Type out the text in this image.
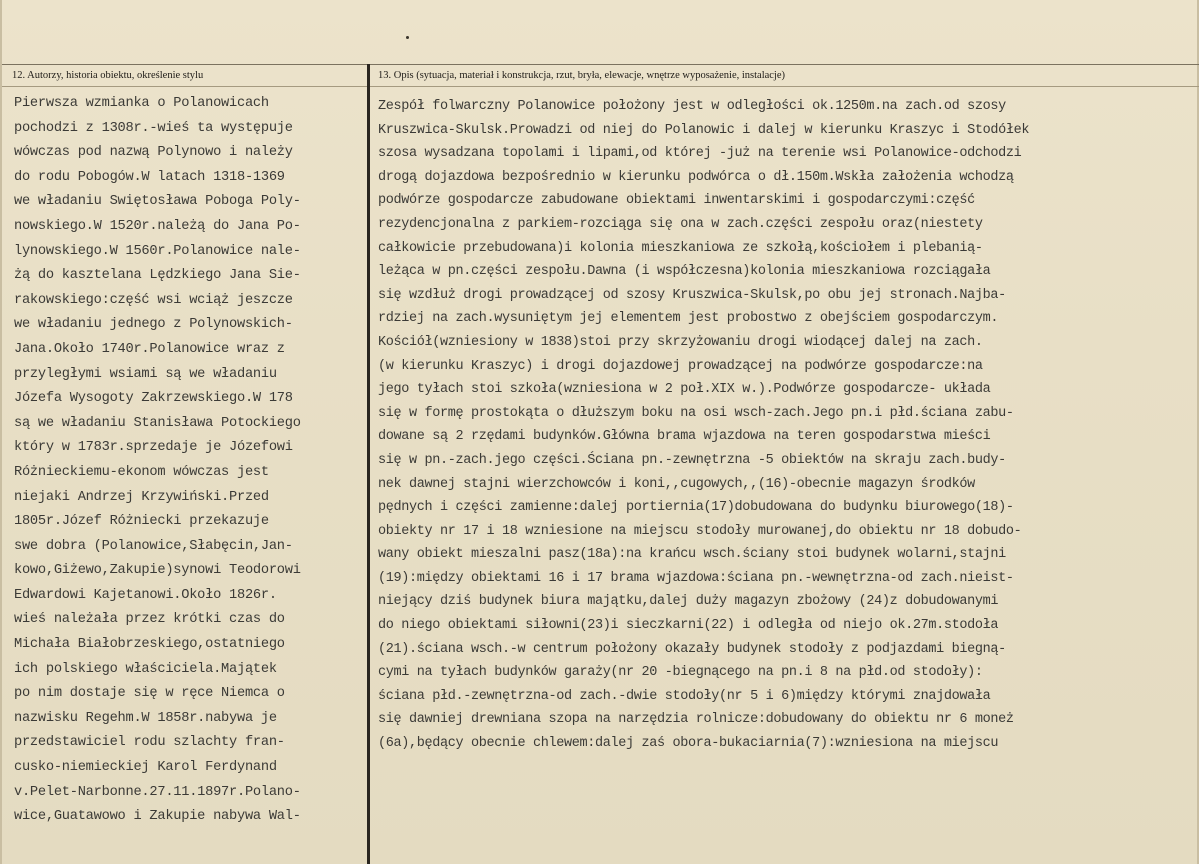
12. Autorzy, historia obiektu, określenie stylu	13. Opis (sytuacja, materiał i konstrukcja, rzut, bryła, elewacje, wnętrze wyposażenie, instalacje)
Pierwsza wzmianka o Polanowicach
pochodzi z 1308r.-wieś ta występuje
wówczas pod nazwą Polynowo i należy
do rodu Pobogów.W latach 1318-1369
we władaniu Swiętosława Poboga Poly-
nowskiego.W 1520r.należą do Jana Po-
lynowskiego.W 1560r.Polanowice nale-
żą do kasztelana Lędzkiego Jana Sie-
rakowskiego:część wsi wciąż jeszcze
we władaniu jednego z Polynowskich-
Jana.Około 1740r.Polanowice wraz z
przyległymi wsiami są we władaniu
Józefa Wysogoty Zakrzewskiego.W 178
są we władaniu Stanisława Potockiego
który w 1783r.sprzedaje je Józefowi
Różnieckiemu-ekonom wówczas jest
niejaki Andrzej Krzywiński.Przed
1805r.Józef Różniecki przekazuje
swe dobra (Polanowice,Słabęcin,Jan-
kowo,Giżewo,Zakupie)synowi Teodorowi
Edwardowi Kajetanowi.Około 1826r.
wieś należała przez krótki czas do
Michała Białobrzeskiego,ostatniego
ich polskiego właściciela.Majątek
po nim dostaje się w ręce Niemca o
nazwisku Regehm.W 1858r.nabywa je
przedstawiciel rodu szlachty fran-
cusko-niemieckiej Karol Ferdynand
v.Pelet-Narbonne.27.11.1897r.Polano-
wice,Guatawowo i Zakupie nabywa Wal-
Zespół folwarczny Polanowice położony jest w odległości ok.1250m.na zach.od szosy
Kruszwica-Skulsk.Prowadzi od niej do Polanowic i dalej w kierunku Kraszyc i Stodółek
szosa wysadzana topolami i lipami,od której -już na terenie wsi Polanowice-odchodzi
drogą dojazdowa bezpośrednio w kierunku podwórca o dł.150m.Wskła założenia wchodzą
podwórze gospodarcze zabudowane obiektami inwentarskimi i gospodarczymi:część
rezydencjonalna z parkiem-rozciąga się ona w zach.części zespołu oraz(niestety
całkowicie przebudowana)i kolonia mieszkaniowa ze szkołą,kościołem i plebanią-
leżąca w pn.części zespołu.Dawna (i współczesna)kolonia mieszkaniowa rozciągała
się wzdłuż drogi prowadzącej od szosy Kruszwica-Skulsk,po obu jej stronach.Najba-
rdziej na zach.wysuniętym jej elementem jest probostwo z obejściem gospodarczym.
Kościół(wzniesiony w 1838)stoi przy skrzyżowaniu drogi wiodącej dalej na zach.
(w kierunku Kraszyc) i drogi dojazdowej prowadzącej na podwórze gospodarcze:na
jego tyłach stoi szkoła(wzniesiona w 2 poł.XIX w.).Podwórze gospodarcze- układa
się w formę prostokąta o dłuższym boku na osi wsch-zach.Jego pn.i płd.ściana zabu-
dowane są 2 rzędami budynków.Główna brama wjazdowa na teren gospodarstwa mieści
się w pn.-zach.jego części.Ściana pn.-zewnętrzna -5 obiektów na skraju zach.budy-
nek dawnej stajni wierzchowców i koni,,cugowych,,(16)-obecnie magazyn środków
pędnych i części zamienne:dalej portiernia(17)dobudowana do budynku biurowego(18)-
obiekty nr 17 i 18 wzniesione na miejscu stodoły murowanej,do obiektu nr 18 dobudo-
wany obiekt mieszalni pasz(18a):na krańcu wsch.ściany stoi budynek wolarni,stajni
(19):między obiektami 16 i 17 brama wjazdowa:ściana pn.-wewnętrzna-od zach.nieist-
niejący dziś budynek biura majątku,dalej duży magazyn zbożowy (24)z dobudowanymi
do niego obiektami siłowni(23)i sieczkarni(22) i odległa od niejo ok.27m.stodoła
(21).ściana wsch.-w centrum położony okazały budynek stodoły z podjazdami biegną-
cymi na tyłach budynków garaży(nr 20 -biegnącego na pn.i 8 na płd.od stodoły):
ściana płd.-zewnętrzna-od zach.-dwie stodoły(nr 5 i 6)między którymi znajdowała
się dawniej drewniana szopa na narzędzia rolnicze:dobudowany do obiektu nr 6 moneż
(6a),będący obecnie chlewem:dalej zaś obora-bukaciarnia(7):wzniesiona na miejscu
